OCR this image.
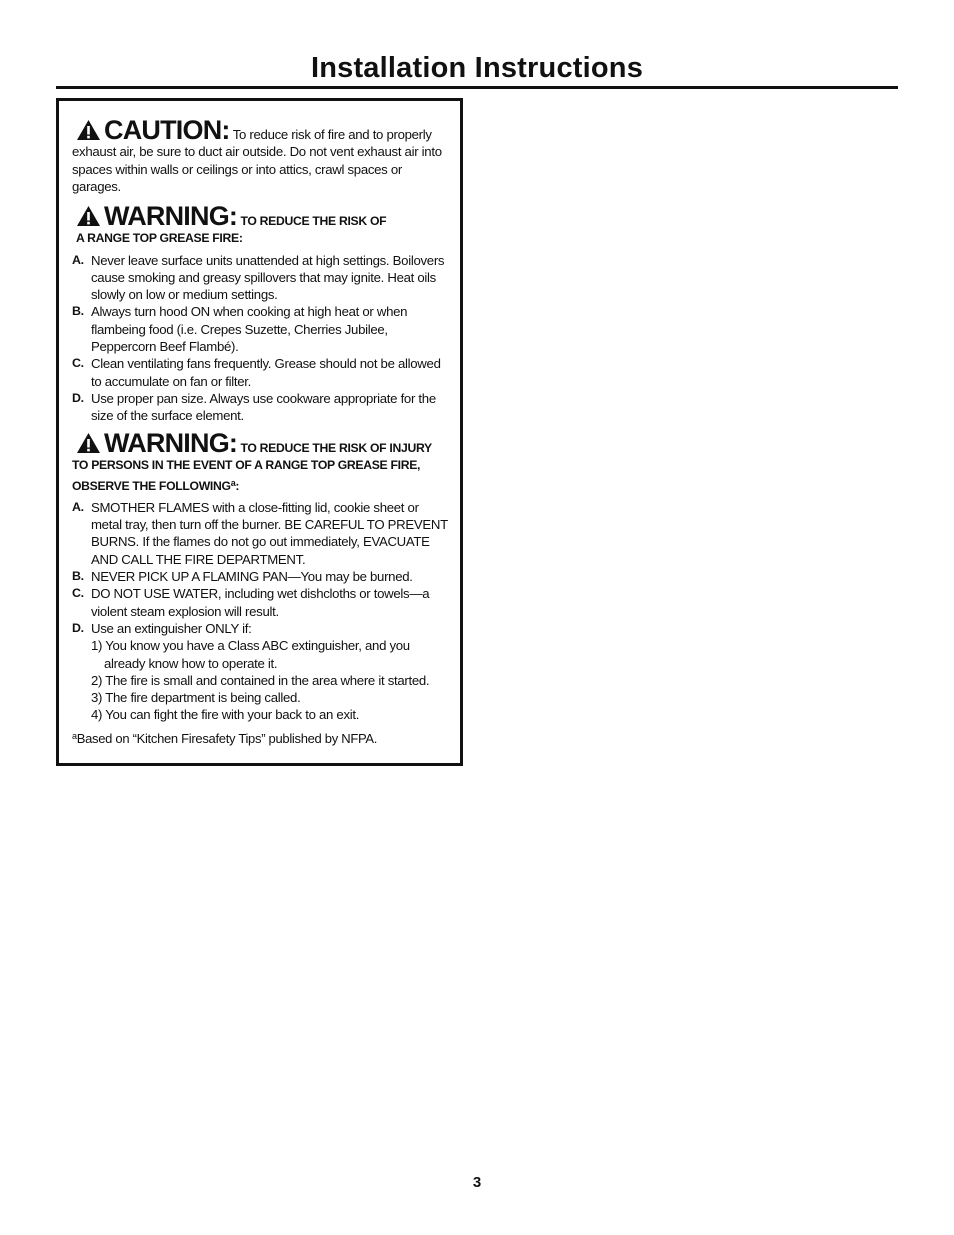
Installation Instructions
CAUTION: To reduce risk of fire and to properly exhaust air, be sure to duct air outside. Do not vent exhaust air into spaces within walls or ceilings or into attics, crawl spaces or garages.
WARNING: TO REDUCE THE RISK OF
A RANGE TOP GREASE FIRE:
A. Never leave surface units unattended at high settings. Boilovers cause smoking and greasy spillovers that may ignite. Heat oils slowly on low or medium settings.
B. Always turn hood ON when cooking at high heat or when flambeing food (i.e. Crepes Suzette, Cherries Jubilee, Peppercorn Beef Flambé).
C. Clean ventilating fans frequently. Grease should not be allowed to accumulate on fan or filter.
D. Use proper pan size. Always use cookware appropriate for the size of the surface element.
WARNING: TO REDUCE THE RISK OF INJURY
TO PERSONS IN THE EVENT OF A RANGE TOP GREASE FIRE,
OBSERVE THE FOLLOWING$^a$:
A. SMOTHER FLAMES with a close-fitting lid, cookie sheet or metal tray, then turn off the burner. BE CAREFUL TO PREVENT BURNS. If the flames do not go out immediately, EVACUATE AND CALL THE FIRE DEPARTMENT.
B. NEVER PICK UP A FLAMING PAN—You may be burned.
C. DO NOT USE WATER, including wet dishcloths or towels—a violent steam explosion will result.
D. Use an extinguisher ONLY if:
1) You know you have a Class ABC extinguisher, and you already know how to operate it.
2) The fire is small and contained in the area where it started.
3) The fire department is being called.
4) You can fight the fire with your back to an exit.
$^a$Based on “Kitchen Firesafety Tips” published by NFPA.
3
